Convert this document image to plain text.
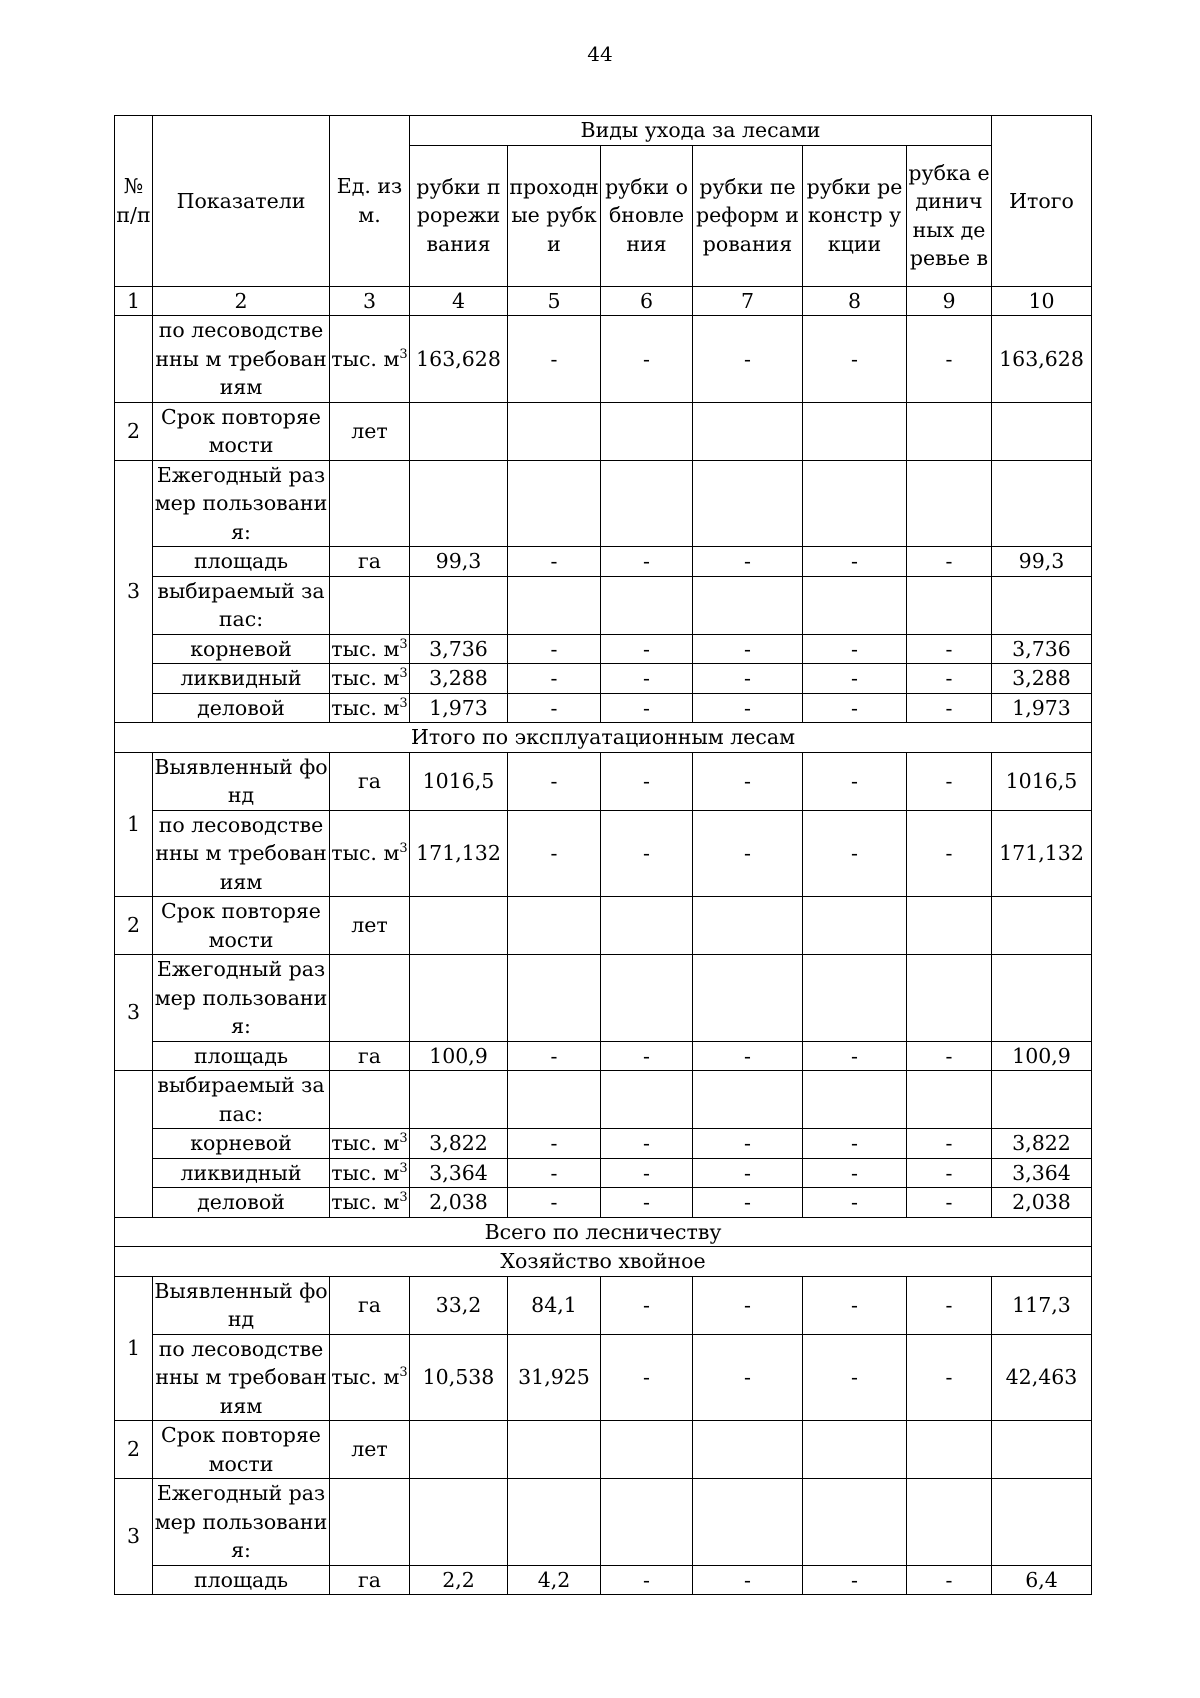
44
№ п/п	Показатели	Ед. изм.	Виды ухода за лесами						Итого
			рубки прорежи вания	проходн ые рубки	рубки обновле ния	рубки переформ ирования	рубки реконстр укции	рубка единич ных деревье в	
1	2	3	4	5	6	7	8	9	10
	по лесоводственны м требованиям	тыс. $м^3$	163,628	-	-	-	-	-	163,628
2	Срок повторяемости	лет							
3	Ежегодный размер пользования:								
	площадь	га	99,3	-	-	-	-	-	99,3
	выбираемый запас:								
	корневой	тыс. $м^3$	3,736	-	-	-	-	-	3,736
	ликвидный	тыс. $м^3$	3,288	-	-	-	-	-	3,288
	деловой	тыс. $м^3$	1,973	-	-	-	-	-	1,973
Итого по эксплуатационным лесам									
1	Выявленный фонд	га	1016,5	-	-	-	-	-	1016,5
	по лесоводственны м требованиям	тыс. $м^3$	171,132	-	-	-	-	-	171,132
2	Срок повторяемости	лет							
3	Ежегодный размер пользования:								
	площадь	га	100,9	-	-	-	-	-	100,9
	выбираемый запас:								
	корневой	тыс. $м^3$	3,822	-	-	-	-	-	3,822
	ликвидный	тыс. $м^3$	3,364	-	-	-	-	-	3,364
	деловой	тыс. $м^3$	2,038	-	-	-	-	-	2,038
Всего по лесничеству									
Хозяйство хвойное									
1	Выявленный фонд	га	33,2	84,1	-	-	-	-	117,3
	по лесоводственны м требованиям	тыс. $м^3$	10,538	31,925	-	-	-	-	42,463
2	Срок повторяемости	лет							
3	Ежегодный размер пользования:								
	площадь	га	2,2	4,2	-	-	-	-	6,4
